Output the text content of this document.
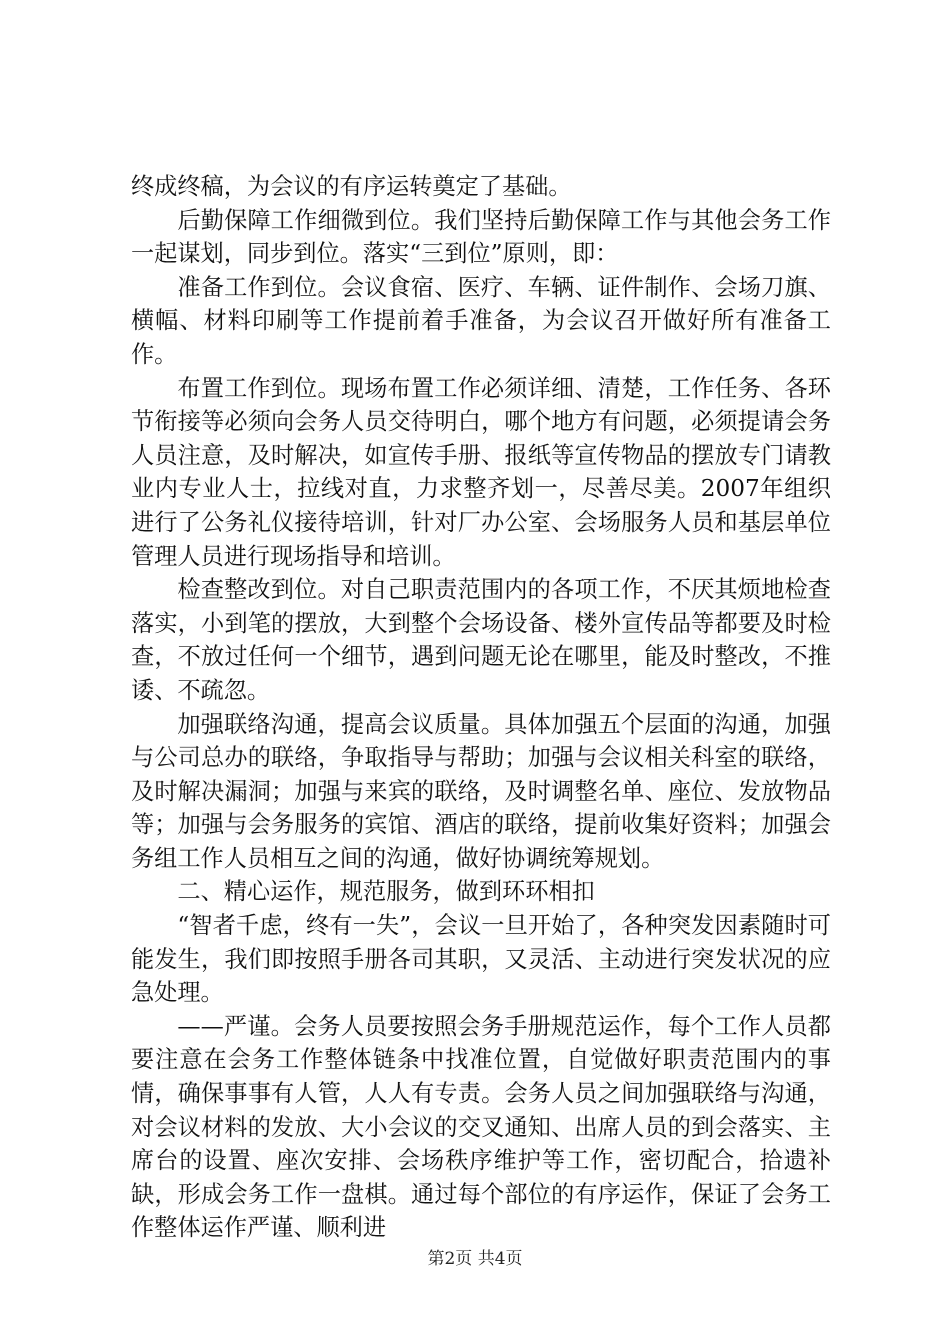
终成终稿，为会议的有序运转奠定了基础。

后勤保障工作细微到位。我们坚持后勤保障工作与其他会务工作一起谋划，同步到位。落实“三到位”原则，即：

准备工作到位。会议食宿、医疗、车辆、证件制作、会场刀旗、横幅、材料印刷等工作提前着手准备，为会议召开做好所有准备工作。

布置工作到位。现场布置工作必须详细、清楚，工作任务、各环节衔接等必须向会务人员交待明白，哪个地方有问题，必须提请会务人员注意，及时解决，如宣传手册、报纸等宣传物品的摆放专门请教业内专业人士，拉线对直，力求整齐划一，尽善尽美。2007年组织进行了公务礼仪接待培训，针对厂办公室、会场服务人员和基层单位管理人员进行现场指导和培训。

检查整改到位。对自己职责范围内的各项工作，不厌其烦地检查落实，小到笔的摆放，大到整个会场设备、楼外宣传品等都要及时检查，不放过任何一个细节，遇到问题无论在哪里，能及时整改，不推诿、不疏忽。

加强联络沟通，提高会议质量。具体加强五个层面的沟通，加强与公司总办的联络，争取指导与帮助；加强与会议相关科室的联络，及时解决漏洞；加强与来宾的联络，及时调整名单、座位、发放物品等；加强与会务服务的宾馆、酒店的联络，提前收集好资料；加强会务组工作人员相互之间的沟通，做好协调统筹规划。

二、精心运作，规范服务，做到环环相扣

“智者千虑，终有一失”，会议一旦开始了，各种突发因素随时可能发生，我们即按照手册各司其职，又灵活、主动进行突发状况的应急处理。

——严谨。会务人员要按照会务手册规范运作，每个工作人员都要注意在会务工作整体链条中找准位置，自觉做好职责范围内的事情，确保事事有人管，人人有专责。会务人员之间加强联络与沟通，对会议材料的发放、大小会议的交叉通知、出席人员的到会落实、主席台的设置、座次安排、会场秩序维护等工作，密切配合，拾遗补缺，形成会务工作一盘棋。通过每个部位的有序运作，保证了会务工作整体运作严谨、顺利进

第2页 共4页
